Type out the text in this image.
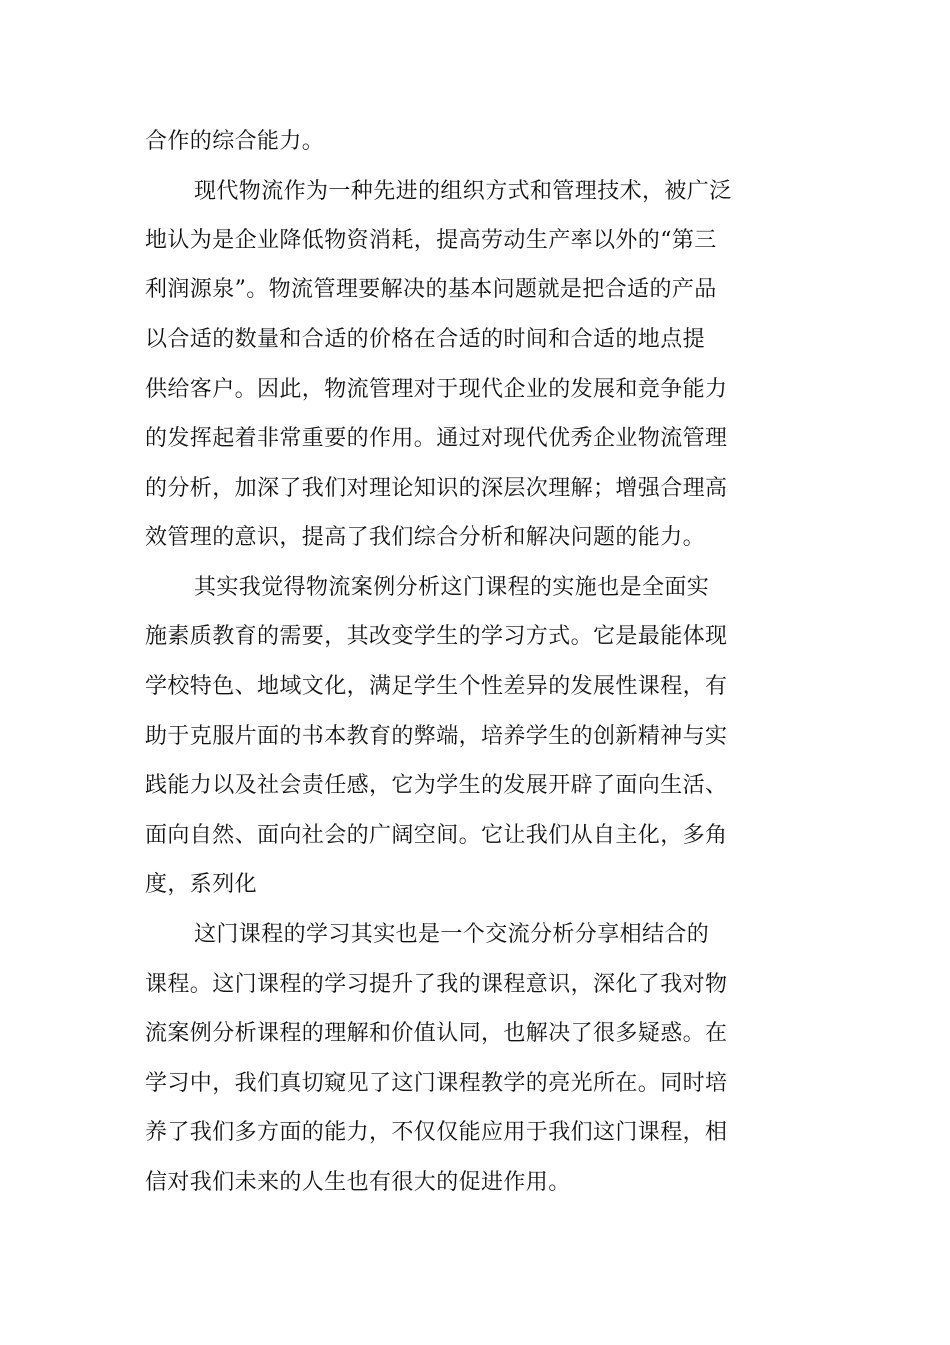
合作的综合能力。
现代物流作为一种先进的组织方式和管理技术，被广泛
地认为是企业降低物资消耗，提高劳动生产率以外的“第三
利润源泉”。物流管理要解决的基本问题就是把合适的产品
以合适的数量和合适的价格在合适的时间和合适的地点提
供给客户。因此，物流管理对于现代企业的发展和竞争能力
的发挥起着非常重要的作用。通过对现代优秀企业物流管理
的分析，加深了我们对理论知识的深层次理解；增强合理高
效管理的意识，提高了我们综合分析和解决问题的能力。
其实我觉得物流案例分析这门课程的实施也是全面实
施素质教育的需要，其改变学生的学习方式。它是最能体现
学校特色、地域文化，满足学生个性差异的发展性课程，有
助于克服片面的书本教育的弊端，培养学生的创新精神与实
践能力以及社会责任感，它为学生的发展开辟了面向生活、
面向自然、面向社会的广阔空间。它让我们从自主化，多角
度，系列化
这门课程的学习其实也是一个交流分析分享相结合的
课程。这门课程的学习提升了我的课程意识，深化了我对物
流案例分析课程的理解和价值认同，也解决了很多疑惑。在
学习中，我们真切窥见了这门课程教学的亮光所在。同时培
养了我们多方面的能力，不仅仅能应用于我们这门课程，相
信对我们未来的人生也有很大的促进作用。
